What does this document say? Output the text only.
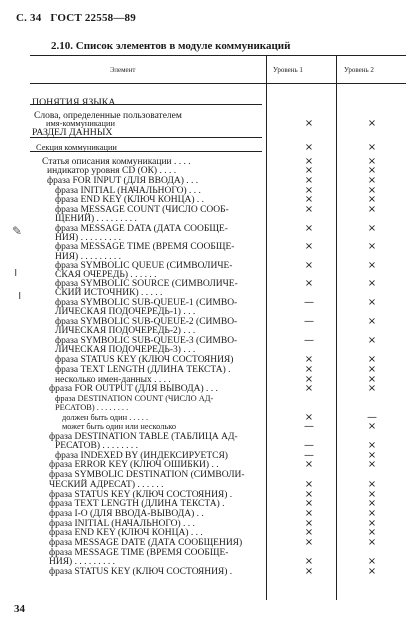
С. 34 ГОСТ 22558—89
2.10. Список элементов в модуле коммуникаций
Элемент	Уровень 1	Уровень 2
ПОНЯТИЯ ЯЗЫКА
Слова, определенные пользователем
имя-коммуникации	×	×
РАЗДЕЛ ДАННЫХ
Секция коммуникации	×	×
Статья описания коммуникации . . . .	×	×
индикатор уровня CD (ОК) . . . .	×	×
фраза FOR INPUT (ДЛЯ ВВОДА) . . .	×	×
фраза INITIAL (НАЧАЛЬНОГО) . . .	×	×
фраза END KEY (КЛЮЧ КОНЦА) . .	×	×
фраза MESSAGE COUNT (ЧИСЛО СООБ-	×	×
ЩЕНИЙ) . . . . . . . . .
фраза MESSAGE DATA (ДАТА СООБЩЕ-	×	×
НИЯ) . . . . . . . . .
фраза MESSAGE TIME (ВРЕМЯ СООБЩЕ-	×	×
НИЯ) . . . . . . . . .
фраза SYMBOLIC QUEUE (СИМВОЛИЧЕ-	×	×
СКАЯ ОЧЕРЕДЬ) . . . . . .
фраза SYMBOLIC SOURCE (СИМВОЛИЧЕ-	×	×
СКИЙ ИСТОЧНИК) . . . . .
фраза SYMBOLIC SUB-QUEUE-1 (СИМВО-	—	×
ЛИЧЕСКАЯ ПОДОЧЕРЕДЬ-1) . . .
фраза SYMBOLIC SUB-QUEUE-2 (СИМВО-	—	×
ЛИЧЕСКАЯ ПОДОЧЕРЕДЬ-2) . . .
фраза SYMBOLIC SUB-QUEUE-3 (СИМВО-	—	×
ЛИЧЕСКАЯ ПОДОЧЕРЕДЬ-3) . . .
фраза STATUS KEY (КЛЮЧ СОСТОЯНИЯ)	×	×
фраза TEXT LENGTH (ДЛИНА ТЕКСТА) .	×	×
несколько имен-данных . . . .	×	×
фраза FOR OUTPUT (ДЛЯ ВЫВОДА) . . .	×	×
фраза DESTINATION COUNT (ЧИСЛО АД-
РЕСАТОВ) . . . . . . . .
должен быть один . . . . .	×	—
может быть один или несколько	—	×
фраза DESTINATION TABLE (ТАБЛИЦА АД-
РЕСАТОВ) . . . . . . . .	—	×
фраза INDEXED BY (ИНДЕКСИРУЕТСЯ)	—	×
фраза ERROR KEY (КЛЮЧ ОШИБКИ) . .	×	×
фраза SYMBOLIC DESTINATION (СИМВОЛИ-
ЧЕСКИЙ АДРЕСАТ) . . . . . .	×	×
фраза STATUS KEY (КЛЮЧ СОСТОЯНИЯ) .	×	×
фраза TEXT LENGTH (ДЛИНА ТЕКСТА) .	×	×
фраза I-O (ДЛЯ ВВОДА-ВЫВОДА) . .	×	×
фраза INITIAL (НАЧАЛЬНОГО) . . .	×	×
фраза END KEY (КЛЮЧ КОНЦА) . . .	×	×
фраза MESSAGE DATE (ДАТА СООБЩЕНИЯ)	×	×
фраза MESSAGE TIME (ВРЕМЯ СООБЩЕ-
НИЯ) . . . . . . . . .	×	×
фраза STATUS KEY (КЛЮЧ СОСТОЯНИЯ) .	×	×
34
✎
ı
ı
